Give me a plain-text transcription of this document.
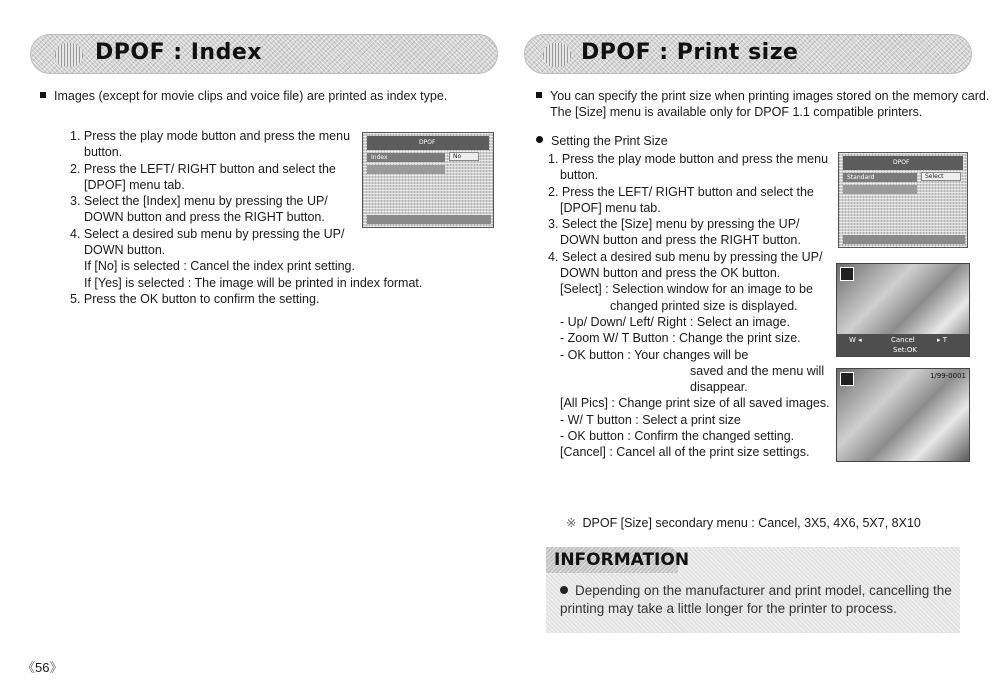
DPOF : Index
Images (except for movie clips and voice file) are printed as index type.
1. Press the play mode button and press the menu
button.
2. Press the LEFT/ RIGHT button and select the
[DPOF] menu tab.
3. Select the [Index] menu by pressing the UP/
DOWN button and press the RIGHT button.
4. Select a desired sub menu by pressing the UP/
DOWN button.
If [No] is selected : Cancel the index print setting.
If [Yes] is selected : The image will be printed in index format.
5. Press the OK button to confirm the setting.
DPOF
Index	No
DPOF : Print size
You can specify the print size when printing images stored on the memory card.
The [Size] menu is available only for DPOF 1.1 compatible printers.
Setting the Print Size
1. Press the play mode button and press the menu
button.
2. Press the LEFT/ RIGHT button and select the
[DPOF] menu tab.
3. Select the [Size] menu by pressing the UP/
DOWN button and press the RIGHT button.
4. Select a desired sub menu by pressing the UP/
DOWN button and press the OK button.
[Select] : Selection window for an image to be
changed printed size is displayed.
- Up/ Down/ Left/ Right : Select an image.
- Zoom W/ T Button : Change the print size.
- OK button : Your changes will be
saved and the menu will
disappear.
[All Pics] : Change print size of all saved images.
- W/ T button : Select a print size
- OK button : Confirm the changed setting.
[Cancel] : Cancel all of the print size settings.
DPOF
Standard	Select
W ◂	Cancel	▸ T
Set:OK
1/99-0001
※ DPOF [Size] secondary menu : Cancel, 3X5, 4X6, 5X7, 8X10
INFORMATION
Depending on the manufacturer and print model, cancelling the printing may take a little longer for the printer to process.
《56》
